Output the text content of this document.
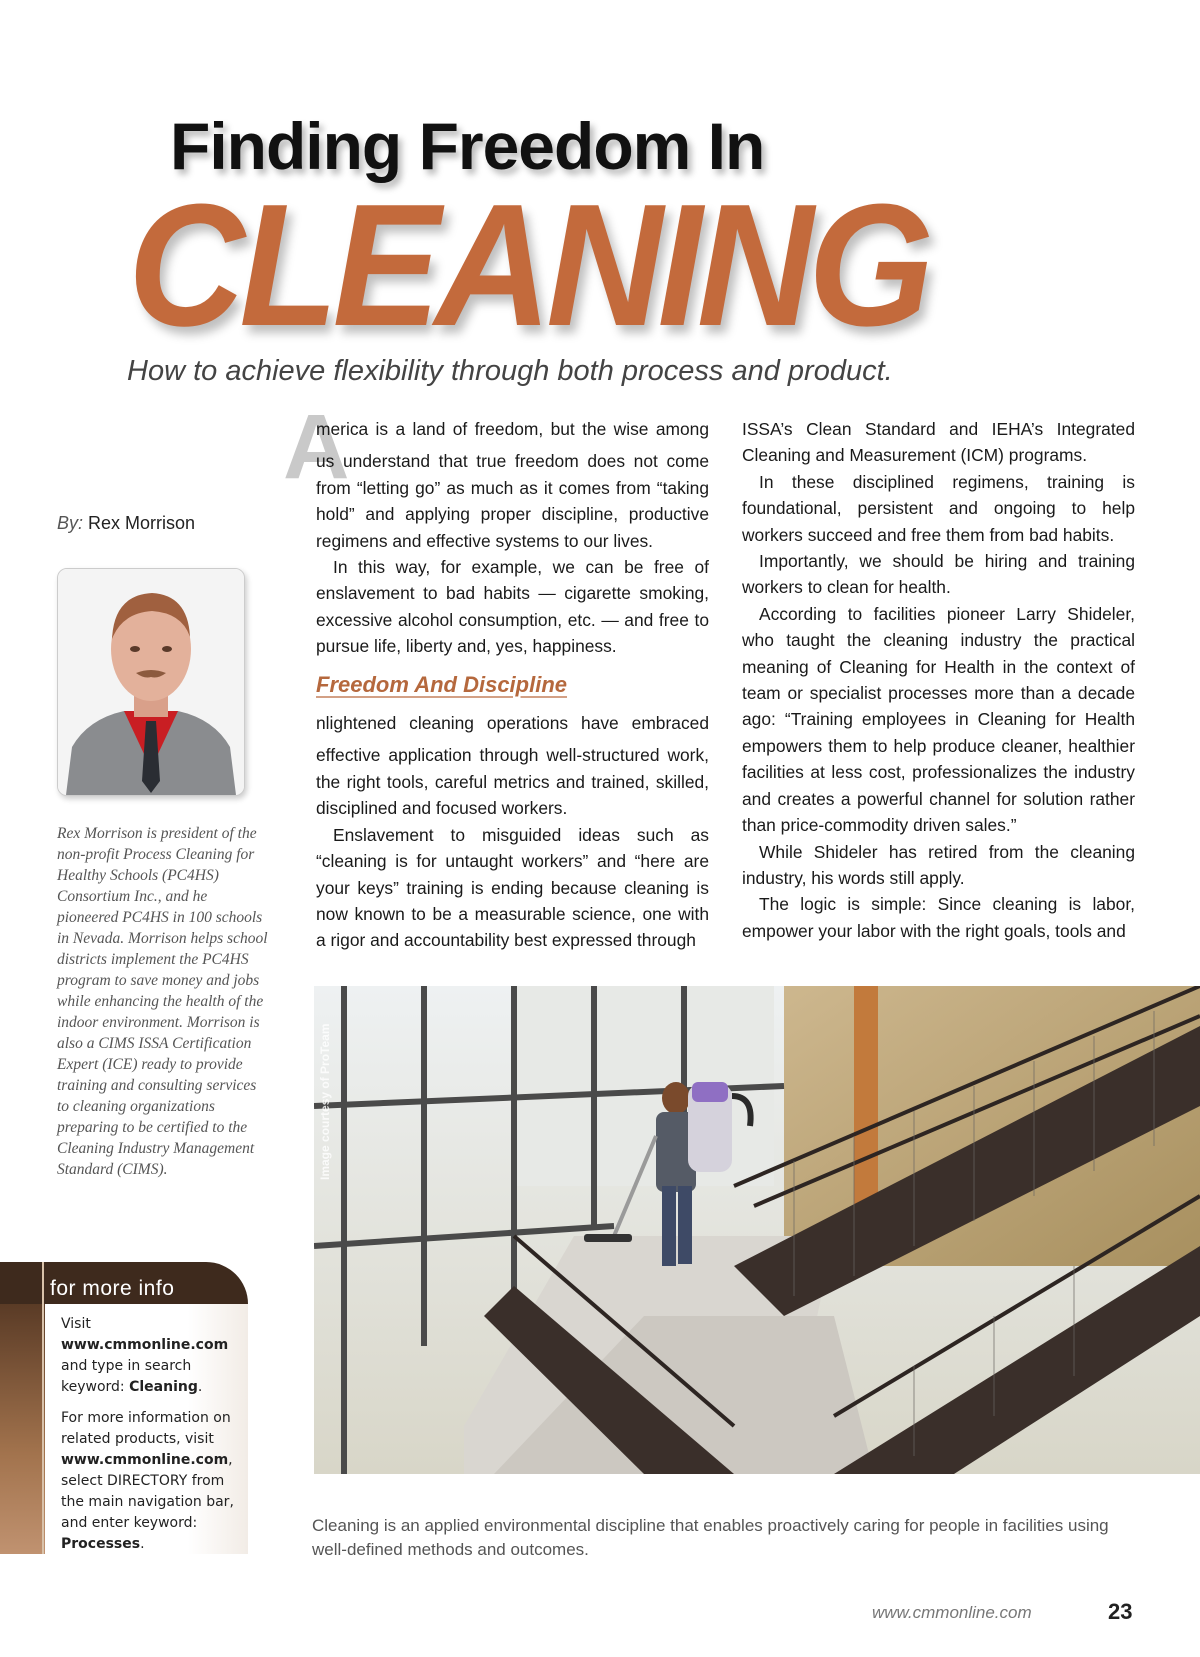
Finding Freedom In
CLEANING
How to achieve flexibility through both process and product.
By: Rex Morrison
Rex Morrison is president of the non-profit Process Cleaning for Healthy Schools (PC4HS) Consortium Inc., and he pioneered PC4HS in 100 schools in Nevada. Morrison helps school districts implement the PC4HS program to save money and jobs while enhancing the health of the indoor environment. Morrison is also a CIMS ISSA Certification Expert (ICE) ready to provide training and consulting services to cleaning organizations preparing to be certified to the Cleaning Industry Management Standard (CIMS).
A

America is a land of freedom, but the wise among us understand that true freedom does not come from “letting go” as much as it comes from “taking hold” and applying proper discipline, productive regimens and effective systems to our lives.

In this way, for example, we can be free of enslavement to bad habits — cigarette smoking, excessive alcohol consumption, etc. — and free to pursue life, liberty and, yes, happiness.

Freedom And Discipline

Enlightened cleaning operations have embraced effective application through well-structured work, the right tools, careful metrics and trained, skilled, disciplined and focused workers.

Enslavement to misguided ideas such as “cleaning is for untaught workers” and “here are your keys” training is ending because cleaning is now known to be a measurable science, one with a rigor and accountability best expressed through

ISSA’s Clean Standard and IEHA’s Integrated Cleaning and Measurement (ICM) programs.

In these disciplined regimens, training is foundational, persistent and ongoing to help workers succeed and free them from bad habits.

Importantly, we should be hiring and training workers to clean for health.

According to facilities pioneer Larry Shideler, who taught the cleaning industry the practical meaning of Cleaning for Health in the context of team or specialist processes more than a decade ago: “Training employees in Cleaning for Health empowers them to help produce cleaner, healthier facilities at less cost, professionalizes the industry and creates a powerful channel for solution rather than price-commodity driven sales.”

While Shideler has retired from the cleaning industry, his words still apply.

The logic is simple: Since cleaning is labor, empower your labor with the right goals, tools and

for more info

Visit www.cmmonline.com and type in search keyword: Cleaning.

For more information on related products, visit www.cmmonline.com, select DIRECTORY from the main navigation bar, and enter keyword: Processes.

Image courtesy of ProTeam
Cleaning is an applied environmental discipline that enables proactively caring for people in facilities using well-defined methods and outcomes.
www.cmmonline.com	23
